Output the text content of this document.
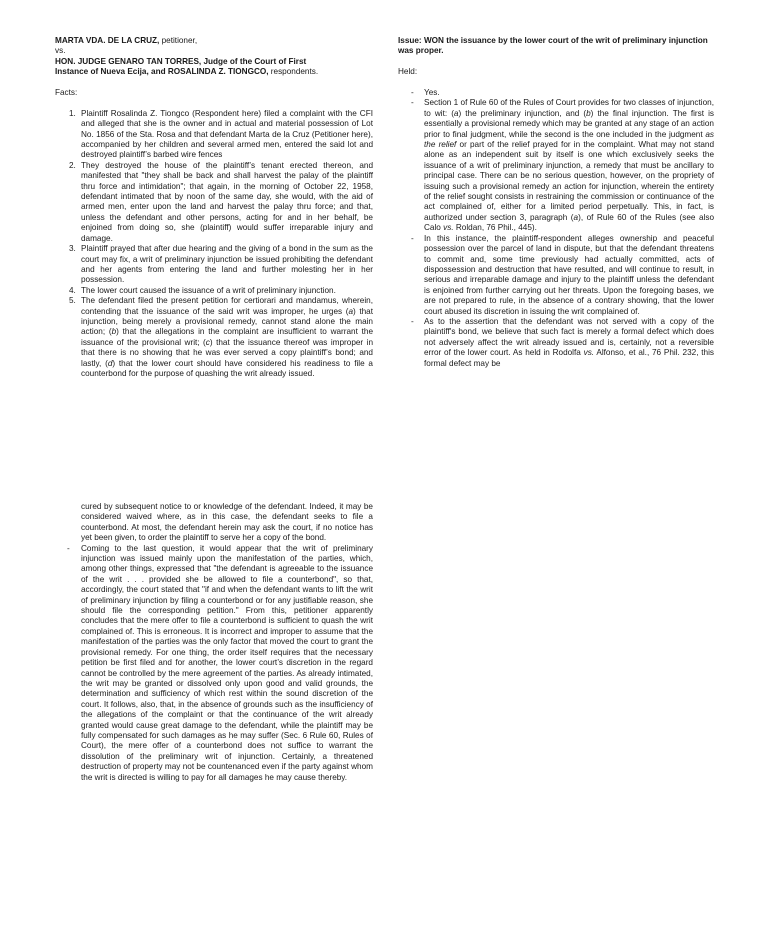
MARTA VDA. DE LA CRUZ, petitioner,

vs.

HON. JUDGE GENARO TAN TORRES, Judge of the Court of First

Instance of Nueva Ecija, and ROSALINDA Z. TIONGCO, respondents.

Facts:

1. Plaintiff Rosalinda Z. Tiongco (Respondent here) filed a complaint with the CFI and alleged that she is the owner and in actual and material possession of Lot No. 1856 of the Sta. Rosa and that defendant Marta de la Cruz (Petitioner here), accompanied by her children and several armed men, entered the said lot and destroyed plaintiff’s barbed wire fences
2. They destroyed the house of the plaintiff’s tenant erected thereon, and manifested that "they shall be back and shall harvest the palay of the plaintiff thru force and intimidation"; that again, in the morning of October 22, 1958, defendant intimated that by noon of the same day, she would, with the aid of armed men, enter upon the land and harvest the palay thru force; and that, unless the defendant and other persons, acting for and in her behalf, be enjoined from doing so, she (plaintiff) would suffer irreparable injury and damage.
3. Plaintiff prayed that after due hearing and the giving of a bond in the sum as the court may fix, a writ of preliminary injunction be issued prohibiting the defendant and her agents from entering the land and further molesting her in her possession.
4. The lower court caused the issuance of a writ of preliminary injunction.
5. The defendant filed the present petition for certiorari and mandamus, wherein, contending that the issuance of the said writ was improper, he urges (a) that injunction, being merely a provisional remedy, cannot stand alone the main action; (b) that the allegations in the complaint are insufficient to warrant the issuance of the provisional writ; (c) that the issuance thereof was improper in that there is no showing that he was ever served a copy plaintiff’s bond; and lastly, (d) that the lower court should have considered his readiness to file a counterbond for the purpose of quashing the writ already issued.

Issue: WON the issuance by the lower court of the writ of preliminary injunction was proper.

Held:

- Yes.
- Section 1 of Rule 60 of the Rules of Court provides for two classes of injunction, to wit: (a) the preliminary injunction, and (b) the final injunction. The first is essentially a provisional remedy which may be granted at any stage of an action prior to final judgment, while the second is the one included in the judgment as the relief or part of the relief prayed for in the complaint. What may not stand alone as an independent suit by itself is one which exclusively seeks the issuance of a writ of preliminary injunction, a remedy that must be ancillary to principal case. There can be no serious question, however, on the propriety of issuing such a provisional remedy an action for injunction, wherein the entirety of the relief sought consists in restraining the commission or continuance of the act complained of, either for a limited period perpetually. This, in fact, is authorized under section 3, paragraph (a), of Rule 60 of the Rules (see also Calo vs. Roldan, 76 Phil., 445).
- In this instance, the plaintiff-respondent alleges ownership and peaceful possession over the parcel of land in dispute, but that the defendant threatens to commit and, some time previously had actually committed, acts of dispossession and destruction that have resulted, and will continue to result, in serious and irreparable damage and injury to the plaintiff unless the defendant is enjoined from further carrying out her threats. Upon the foregoing bases, we are not prepared to rule, in the absence of a contrary showing, that the lower court abused its discretion in issuing the writ complained of.
- As to the assertion that the defendant was not served with a copy of the plaintiff's bond, we believe that such fact is merely a formal defect which does not adversely affect the writ already issued and is, certainly, not a reversible error of the lower court. As held in Rodolfa vs. Alfonso, et al., 76 Phil. 232, this formal defect may be

cured by subsequent notice to or knowledge of the defendant. Indeed, it may be considered waived where, as in this case, the defendant seeks to file a counterbond. At most, the defendant herein may ask the court, if no notice has yet been given, to order the plaintiff to serve her a copy of the bond.

- Coming to the last question, it would appear that the writ of preliminary injunction was issued mainly upon the manifestation of the parties, which, among other things, expressed that "the defendant is agreeable to the issuance of the writ . . . provided she be allowed to file a counterbond", so that, accordingly, the court stated that "if and when the defendant wants to lift the writ of preliminary injunction by filing a counterbond or for any justifiable reason, she should file the corresponding petition." From this, petitioner apparently concludes that the mere offer to file a counterbond is sufficient to quash the writ complained of. This is erroneous. It is incorrect and improper to assume that the manifestation of the parties was the only factor that moved the court to grant the provisional remedy. For one thing, the order itself requires that the necessary petition be first filed and for another, the lower court’s discretion in the regard cannot be controlled by the mere agreement of the parties. As already intimated, the writ may be granted or dissolved only upon good and valid grounds, the determination and sufficiency of which rest within the sound discretion of the court. It follows, also, that, in the absence of grounds such as the insufficiency of the allegations of the complaint or that the continuance of the writ already granted would cause great damage to the defendant, while the plaintiff may be fully compensated for such damages as he may suffer (Sec. 6 Rule 60, Rules of Court), the mere offer of a counterbond does not suffice to warrant the dissolution of the preliminary writ of injunction. Certainly, a threatened destruction of property may not be countenanced even if the party against whom the writ is directed is willing to pay for all damages he may cause thereby.
